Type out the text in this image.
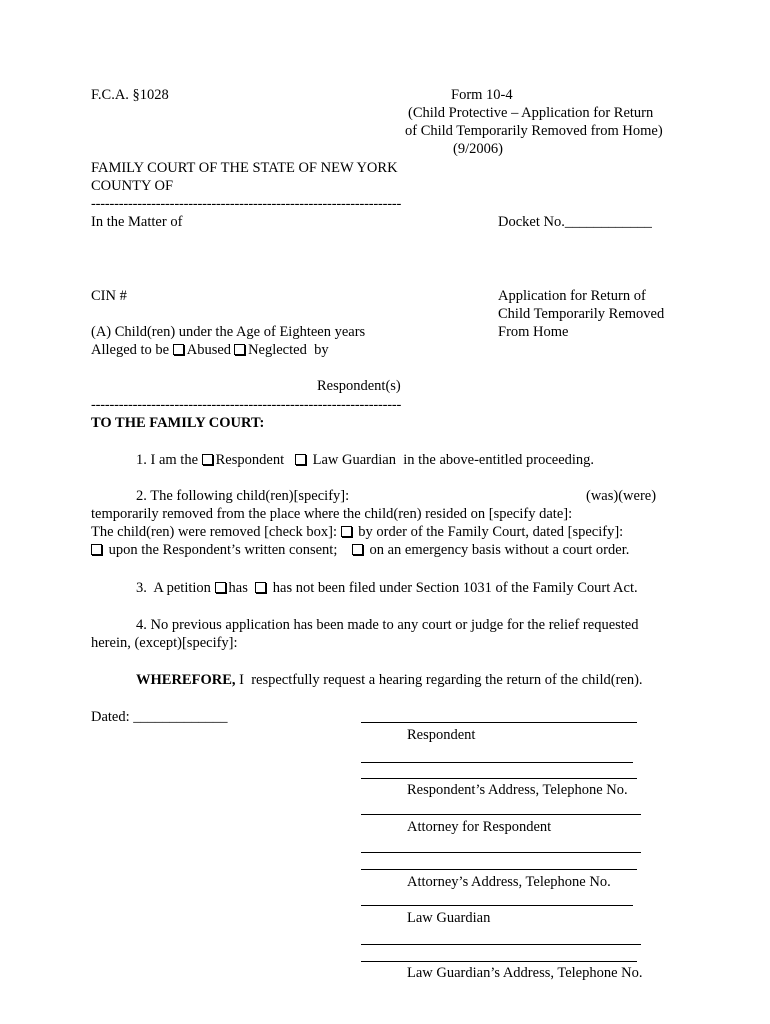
F.C.A. §1028	Form 10-4
(Child Protective – Application for Return
of Child Temporarily Removed from Home)
(9/2006)
FAMILY COURT OF THE STATE OF NEW YORK
COUNTY OF
-------------------------------------------------------------------
In the Matter of	Docket No.____________
CIN #	Application for Return of
Child Temporarily Removed
From Home
(A) Child(ren) under the Age of Eighteen years
Alleged to be Abused Neglected  by
Respondent(s)
-------------------------------------------------------------------
TO THE FAMILY COURT:
1. I am the Respondent    Law Guardian  in the above-entitled proceeding.
2. The following child(ren)[specify]:	(was)(were)
temporarily removed from the place where the child(ren) resided on [specify date]:
The child(ren) were removed [check box]:  by order of the Family Court, dated [specify]:
upon the Respondent’s written consent;     on an emergency basis without a court order.
3.  A petition has   has not been filed under Section 1031 of the Family Court Act.
4. No previous application has been made to any court or judge for the relief requested
herein, (except)[specify]:
WHEREFORE, I  respectfully request a hearing regarding the return of the child(ren).
Dated: _____________
Respondent
Respondent’s Address, Telephone No.
Attorney for Respondent
Attorney’s Address, Telephone No.
Law Guardian
Law Guardian’s Address, Telephone No.
